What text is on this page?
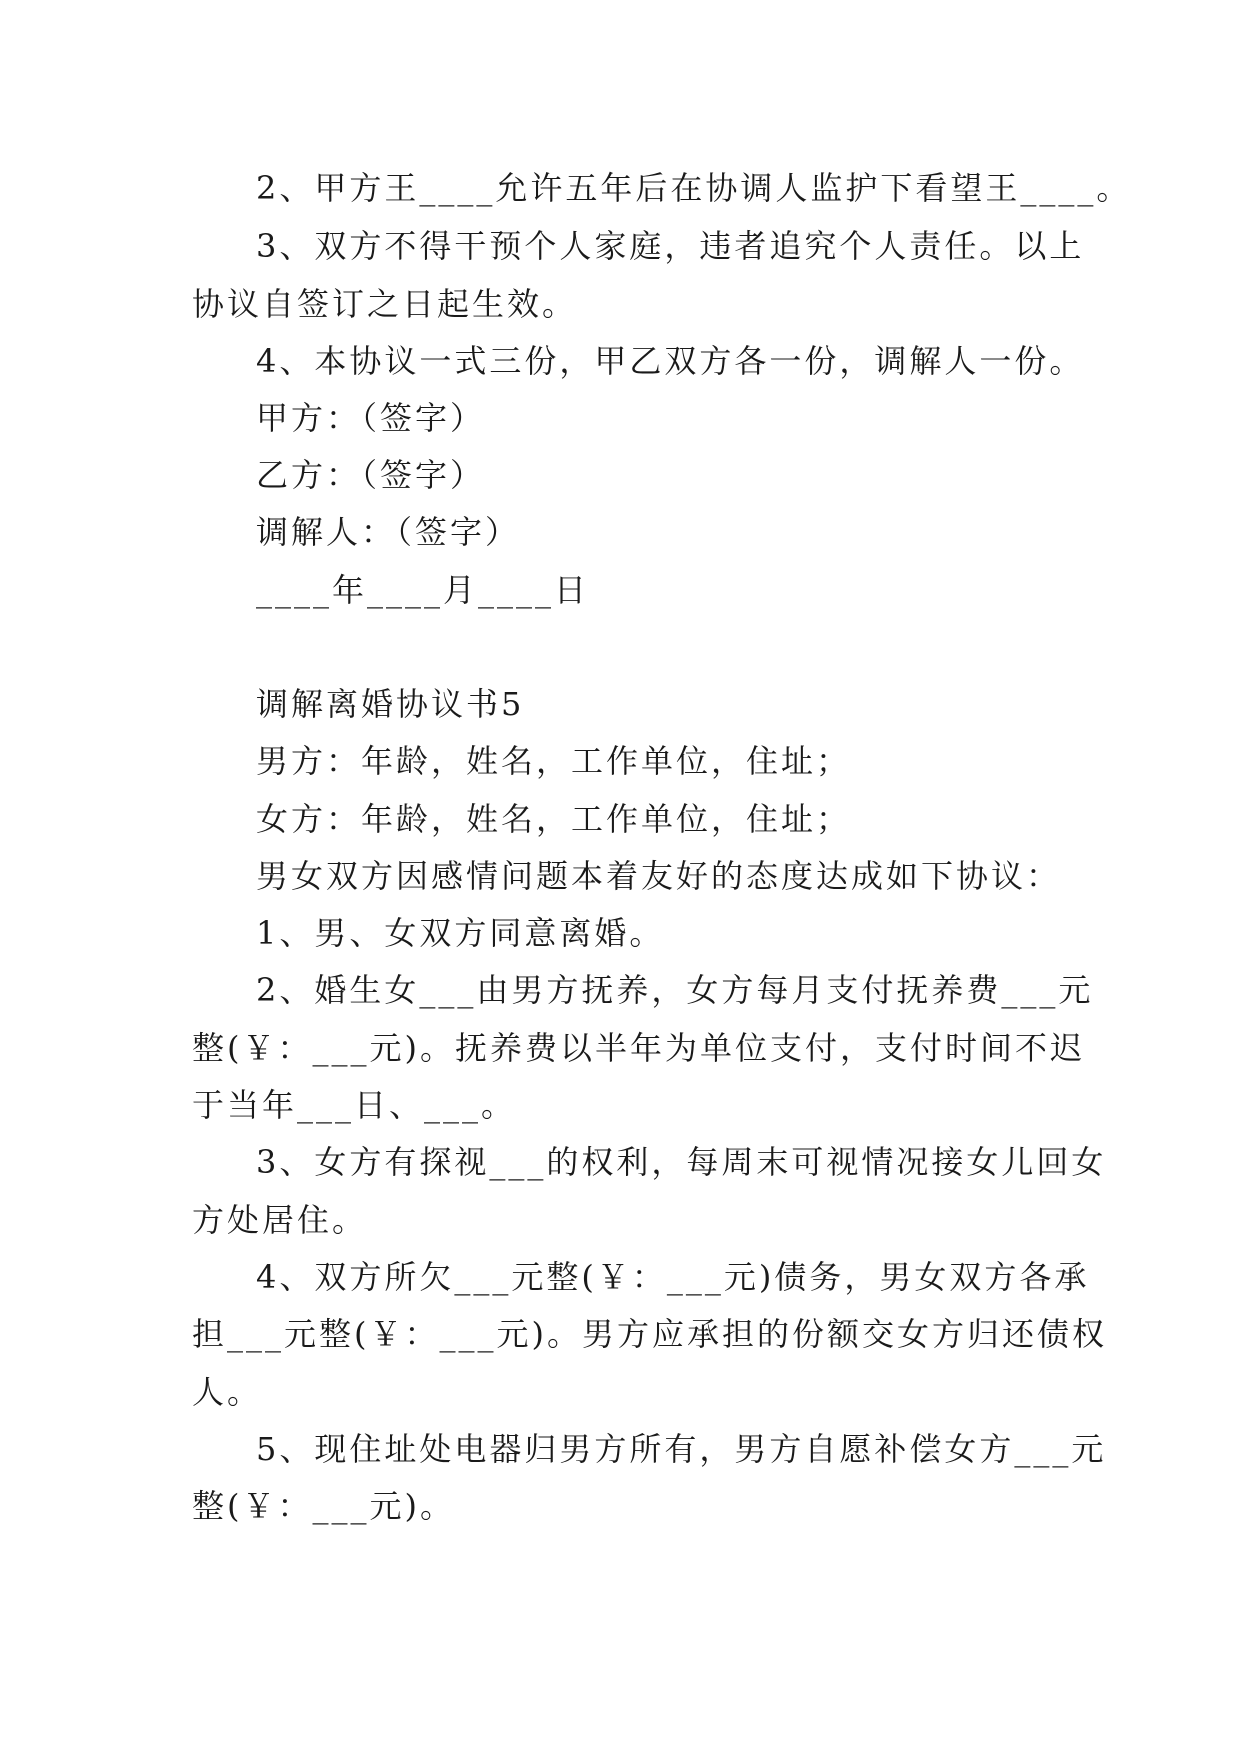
2、甲方王____允许五年后在协调人监护下看望王____。
3、双方不得干预个人家庭，违者追究个人责任。以上
协议自签订之日起生效。
4、本协议一式三份，甲乙双方各一份，调解人一份。
甲方：（签字）
乙方：（签字）
调解人：（签字）
____年____月____日
调解离婚协议书5
男方：年龄，姓名，工作单位，住址；
女方：年龄，姓名，工作单位，住址；
男女双方因感情问题本着友好的态度达成如下协议：
1、男、女双方同意离婚。
2、婚生女___由男方抚养，女方每月支付抚养费___元
整(￥：___元)。抚养费以半年为单位支付，支付时间不迟
于当年___日、___。
3、女方有探视___的权利，每周末可视情况接女儿回女
方处居住。
4、双方所欠___元整(￥：___元)债务，男女双方各承
担___元整(￥：___元)。男方应承担的份额交女方归还债权
人。
5、现住址处电器归男方所有，男方自愿补偿女方___元
整(￥：___元)。
